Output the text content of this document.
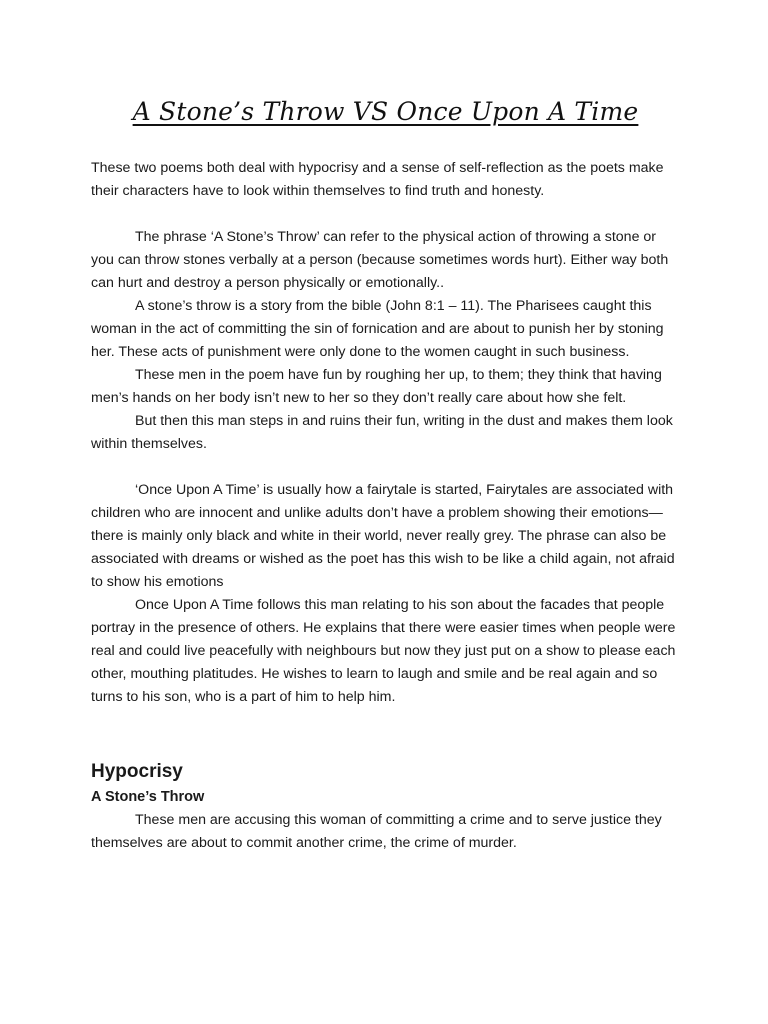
A Stone’s Throw VS Once Upon A Time

These two poems both deal with hypocrisy and a sense of self-reflection as the poets make their characters have to look within themselves to find truth and honesty.

The phrase ‘A Stone’s Throw’ can refer to the physical action of throwing a stone or you can throw stones verbally at a person (because sometimes words hurt). Either way both can hurt and destroy a person physically or emotionally..

A stone’s throw is a story from the bible (John 8:1 – 11). The Pharisees caught this woman in the act of committing the sin of fornication and are about to punish her by stoning her. These acts of punishment were only done to the women caught in such business.

These men in the poem have fun by roughing her up, to them; they think that having men’s hands on her body isn’t new to her so they don’t really care about how she felt.

But then this man steps in and ruins their fun, writing in the dust and makes them look within themselves.

‘Once Upon A Time’ is usually how a fairytale is started, Fairytales are associated with children who are innocent and unlike adults don’t have a problem showing their emotions—there is mainly only black and white in their world, never really grey. The phrase can also be associated with dreams or wished as the poet has this wish to be like a child again, not afraid to show his emotions

Once Upon A Time follows this man relating to his son about the facades that people portray in the presence of others. He explains that there were easier times when people were real and could live peacefully with neighbours but now they just put on a show to please each other, mouthing platitudes. He wishes to learn to laugh and smile and be real again and so turns to his son, who is a part of him to help him.

Hypocrisy
A Stone’s Throw

These men are accusing this woman of committing a crime and to serve justice they themselves are about to commit another crime, the crime of murder.
